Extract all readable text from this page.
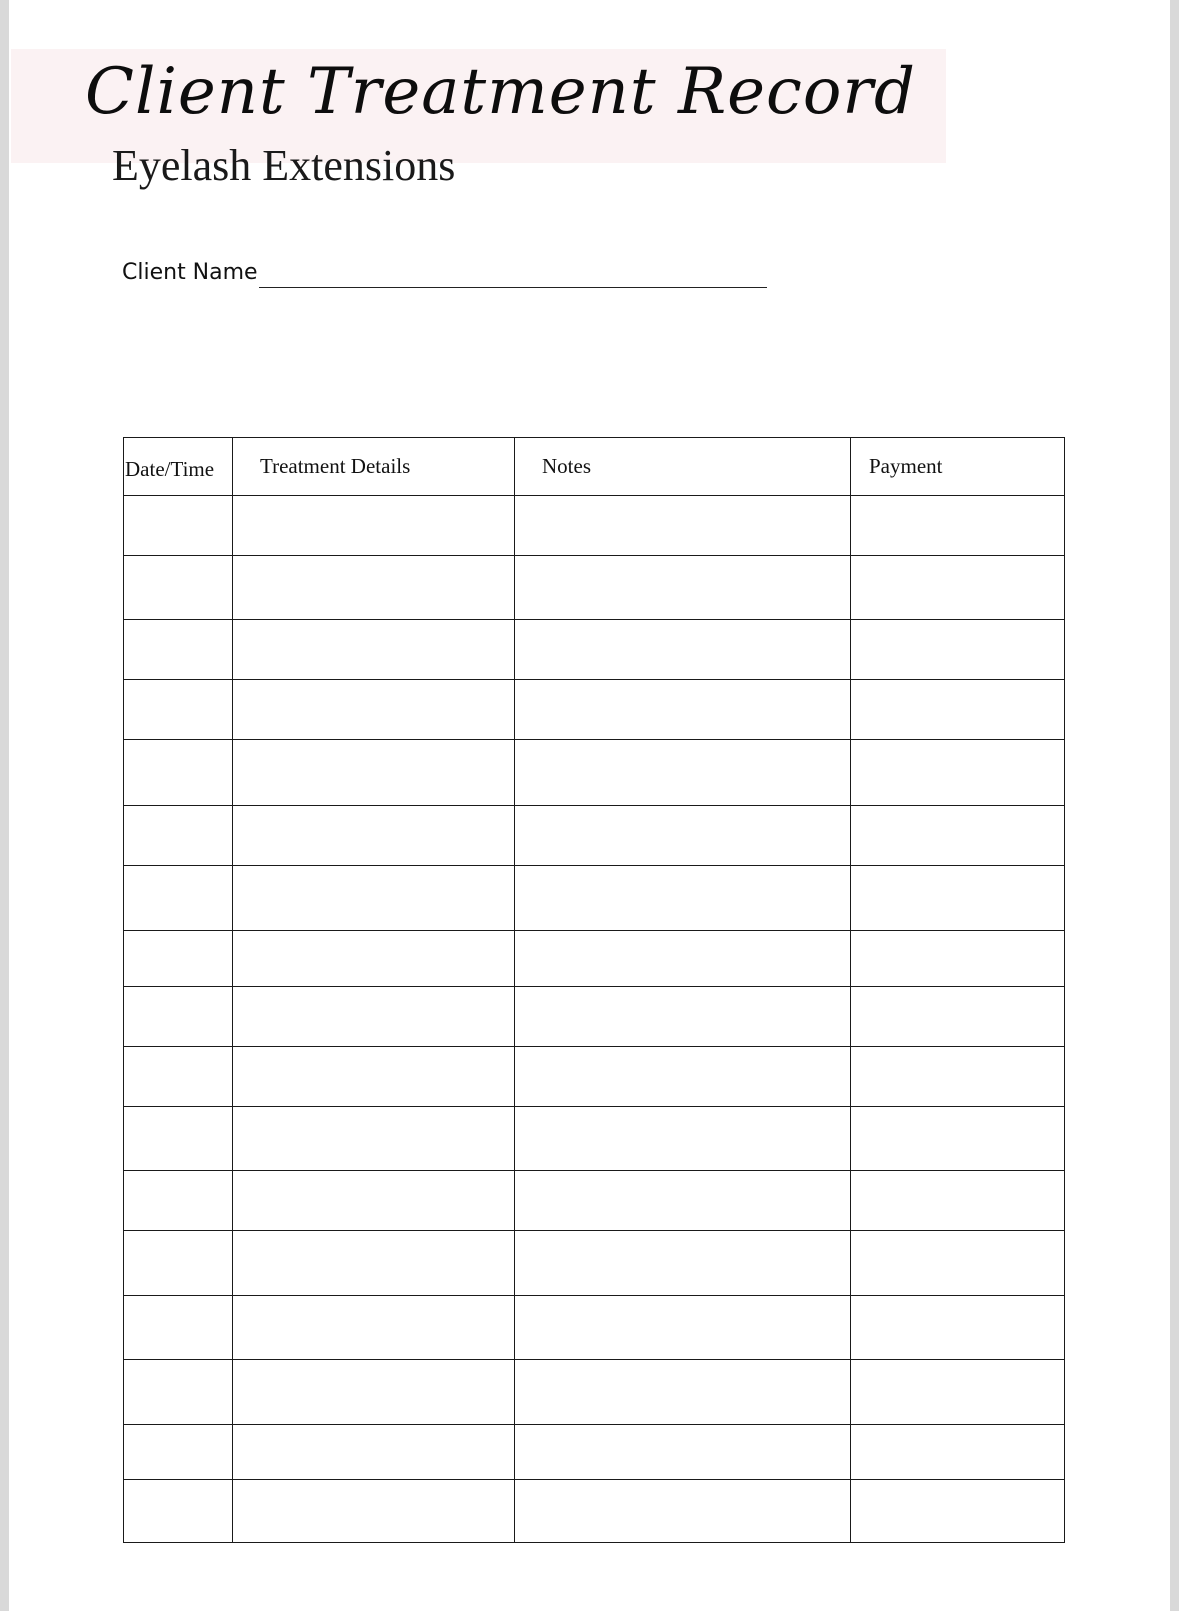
Client Treatment Record
Eyelash Extensions
Client Name
Date/Time	Treatment Details	Notes	Payment
